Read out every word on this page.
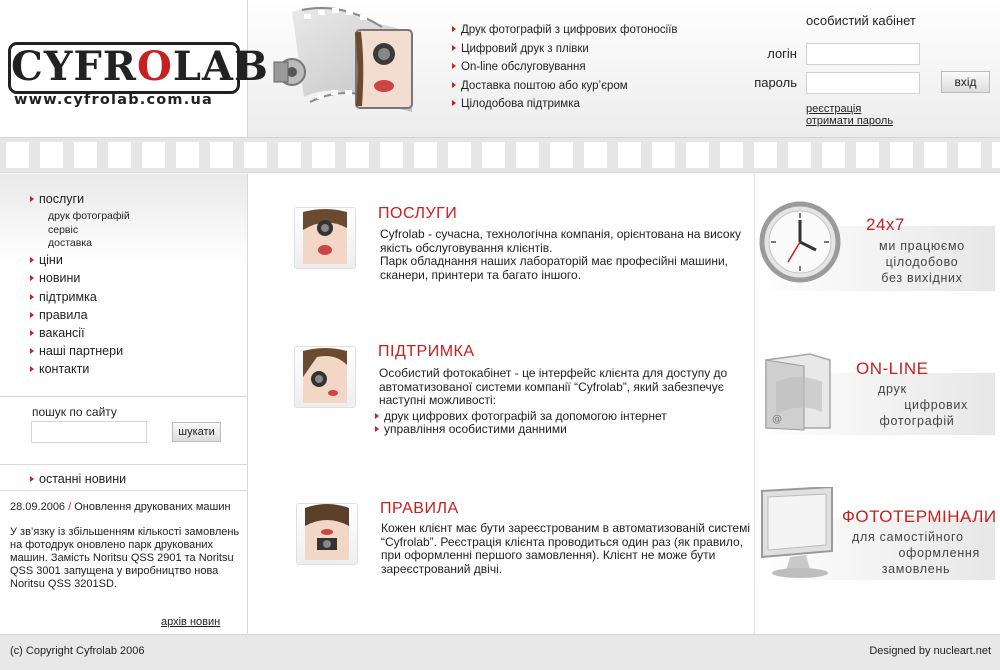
CYFROLAB
www.cyfrolab.com.ua
Друк фотографій з цифрових фотоносіїв
Цифровий друк з плівки
On-line обслуговування
Доставка поштою або кур’єром
Цілодобова підтримка
особистий кабінет
логін
пароль	вхід
реєстрація
отримати пароль
послуги
друк фотографій
сервіс
доставка
ціни
новини
підтримка
правила
вакансії
наші партнери
контакти
пошук по сайту
шукати
останні новини
28.09.2006 / Оновлення друкованих машин
У зв’язку із збільшенням кількості замовлень на фотодрук оновлено парк друкованих машин. Замість Noritsu QSS 2901 та Noritsu QSS 3001 запущена у виробництво нова Noritsu QSS 3201SD.
архів новин
ПОСЛУГИ
Cyfrolab - сучасна, технологічна компанія, орієнтована на високу якість обслуговування клієнтів.
Парк обладнання наших лабораторій має професійні машини, сканери, принтери та багато іншого.
ПІДТРИМКА
Особистий фотокабінет - це інтерфейс клієнта для доступу до автоматизованої системи компанії “Cyfrolab”, який забезпечує наступні можливості:
друк цифрових фотографій за допомогою інтернет
управління особистими данними
ПРАВИЛА
Кожен клієнт має бути зареєстрованим в автоматизованій системі “Cyfrolab”. Реєстрація клієнта проводиться один раз (як правило, при оформленні першого замовлення). Клієнт не може бути зареєстрований двічі.
24x7
ми працюємо
цілодобово
без вихідних
@
ON-LINE
друк
цифрових
фотографій
ФОТОТЕРМІНАЛИ
для самостійного
оформлення
замовлень
(c) Copyright Cyfrolab 2006	Designed by nucleart.net
